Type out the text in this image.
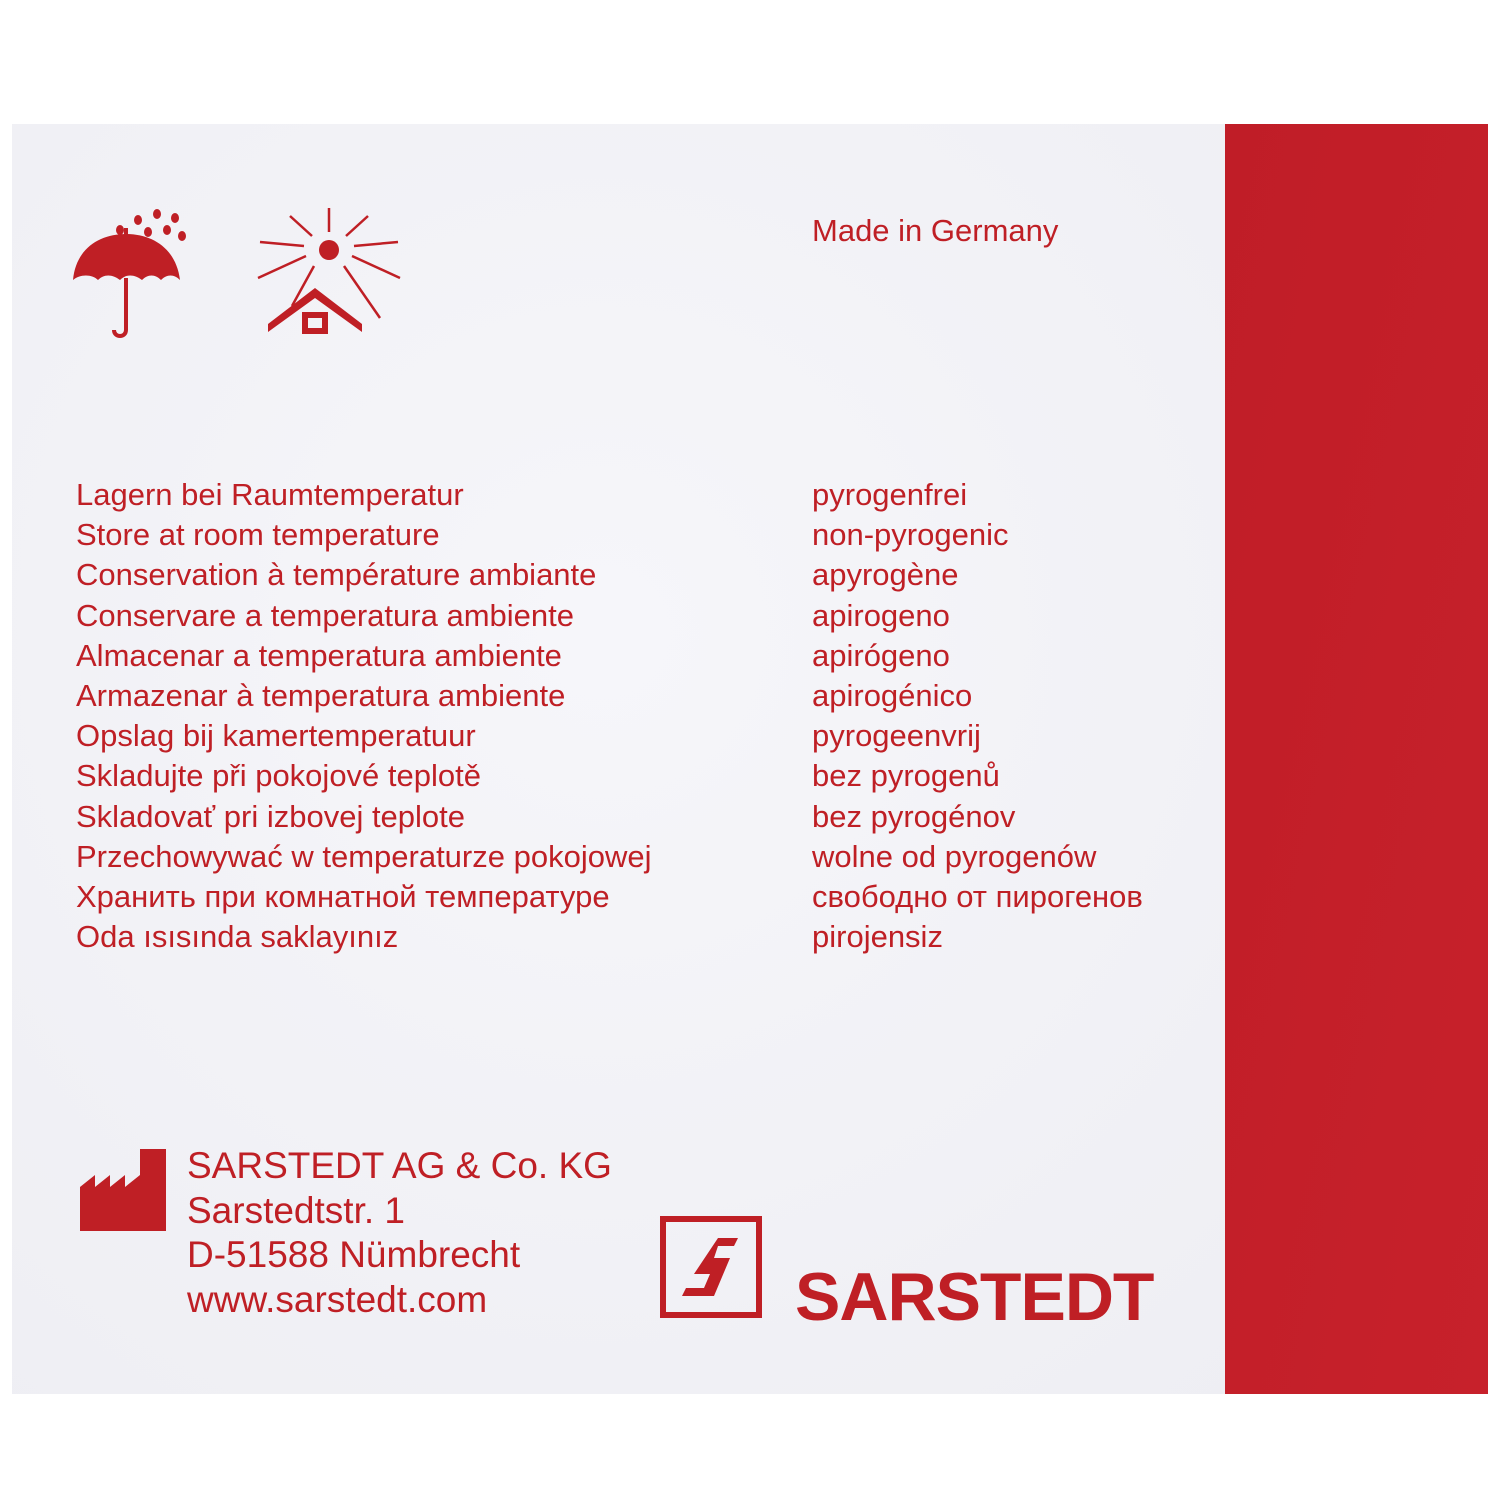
Made in Germany
Lagern bei Raumtemperatur
Store at room temperature
Conservation à température ambiante
Conservare a temperatura ambiente
Almacenar a temperatura ambiente
Armazenar à temperatura ambiente
Opslag bij kamertemperatuur
Skladujte při pokojové teplotě
Skladovať pri izbovej teplote
Przechowywać w temperaturze pokojowej
Хранить при комнатной температуре
Oda ısısında saklayınız
pyrogenfrei
non-pyrogenic
apyrogène
apirogeno
apirógeno
apirogénico
pyrogeenvrij
bez pyrogenů
bez pyrogénov
wolne od pyrogenów
свободно от пирогенов
pirojensiz
SARSTEDT AG & Co. KG
Sarstedtstr. 1
D-51588 Nümbrecht
www.sarstedt.com	SARSTEDT
